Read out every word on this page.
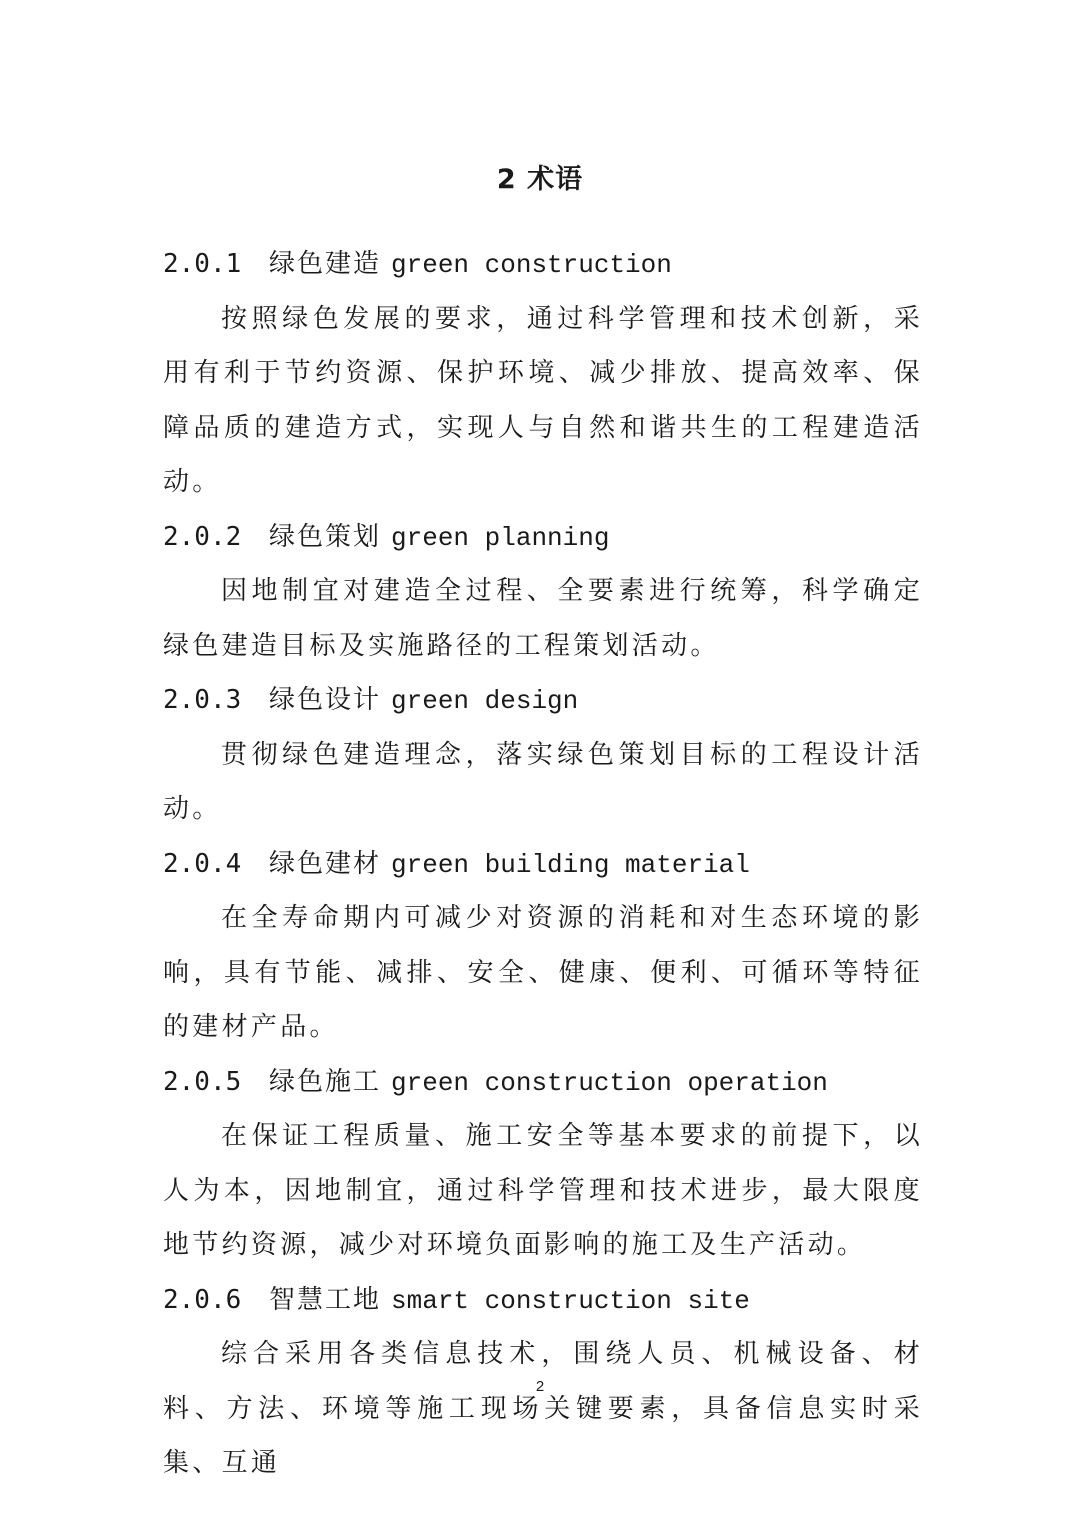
2 术语
2.0.1 绿色建造 green construction

按照绿色发展的要求，通过科学管理和技术创新，采用有利于节约资源、保护环境、减少排放、提高效率、保障品质的建造方式，实现人与自然和谐共生的工程建造活动。

2.0.2 绿色策划 green planning

因地制宜对建造全过程、全要素进行统筹，科学确定绿色建造目标及实施路径的工程策划活动。

2.0.3 绿色设计 green design

贯彻绿色建造理念，落实绿色策划目标的工程设计活动。

2.0.4 绿色建材 green building material

在全寿命期内可减少对资源的消耗和对生态环境的影响，具有节能、减排、安全、健康、便利、可循环等特征的建材产品。

2.0.5 绿色施工 green construction operation

在保证工程质量、施工安全等基本要求的前提下，以人为本，因地制宜，通过科学管理和技术进步，最大限度地节约资源，减少对环境负面影响的施工及生产活动。

2.0.6 智慧工地 smart construction site

综合采用各类信息技术，围绕人员、机械设备、材料、方法、环境等施工现场关键要素，具备信息实时采集、互通

2
